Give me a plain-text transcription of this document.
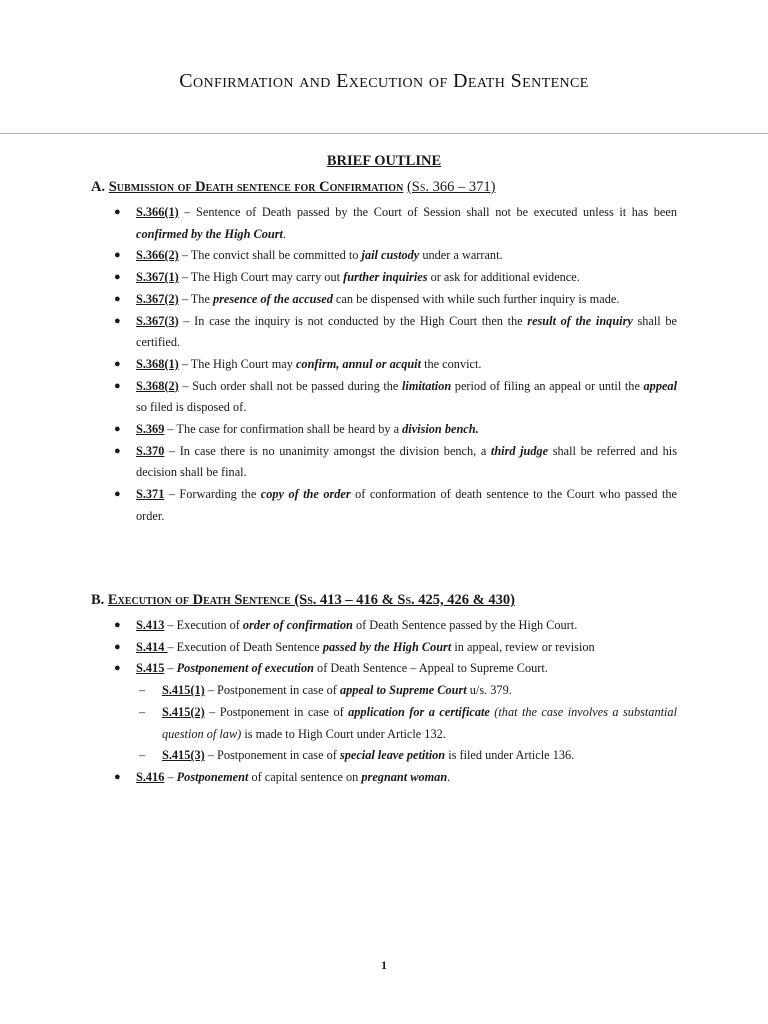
Confirmation and Execution of Death Sentence
BRIEF OUTLINE
A. Submission of Death sentence for Confirmation (Ss. 366 – 371)
● S.366(1) – Sentence of Death passed by the Court of Session shall not be executed unless it has been confirmed by the High Court.
● S.366(2) – The convict shall be committed to jail custody under a warrant.
● S.367(1) – The High Court may carry out further inquiries or ask for additional evidence.
● S.367(2) – The presence of the accused can be dispensed with while such further inquiry is made.
● S.367(3) – In case the inquiry is not conducted by the High Court then the result of the inquiry shall be certified.
● S.368(1) – The High Court may confirm, annul or acquit the convict.
● S.368(2) – Such order shall not be passed during the limitation period of filing an appeal or until the appeal so filed is disposed of.
● S.369 – The case for confirmation shall be heard by a division bench.
● S.370 – In case there is no unanimity amongst the division bench, a third judge shall be referred and his decision shall be final.
● S.371 – Forwarding the copy of the order of conformation of death sentence to the Court who passed the order.
B. Execution of Death Sentence (Ss. 413 – 416 & Ss. 425, 426 & 430)
● S.413 – Execution of order of confirmation of Death Sentence passed by the High Court.
● S.414 – Execution of Death Sentence passed by the High Court in appeal, review or revision
● S.415 – Postponement of execution of Death Sentence – Appeal to Supreme Court.
– S.415(1) – Postponement in case of appeal to Supreme Court u/s. 379.
– S.415(2) – Postponement in case of application for a certificate (that the case involves a substantial question of law) is made to High Court under Article 132.
– S.415(3) – Postponement in case of special leave petition is filed under Article 136.
● S.416 – Postponement of capital sentence on pregnant woman.
1
